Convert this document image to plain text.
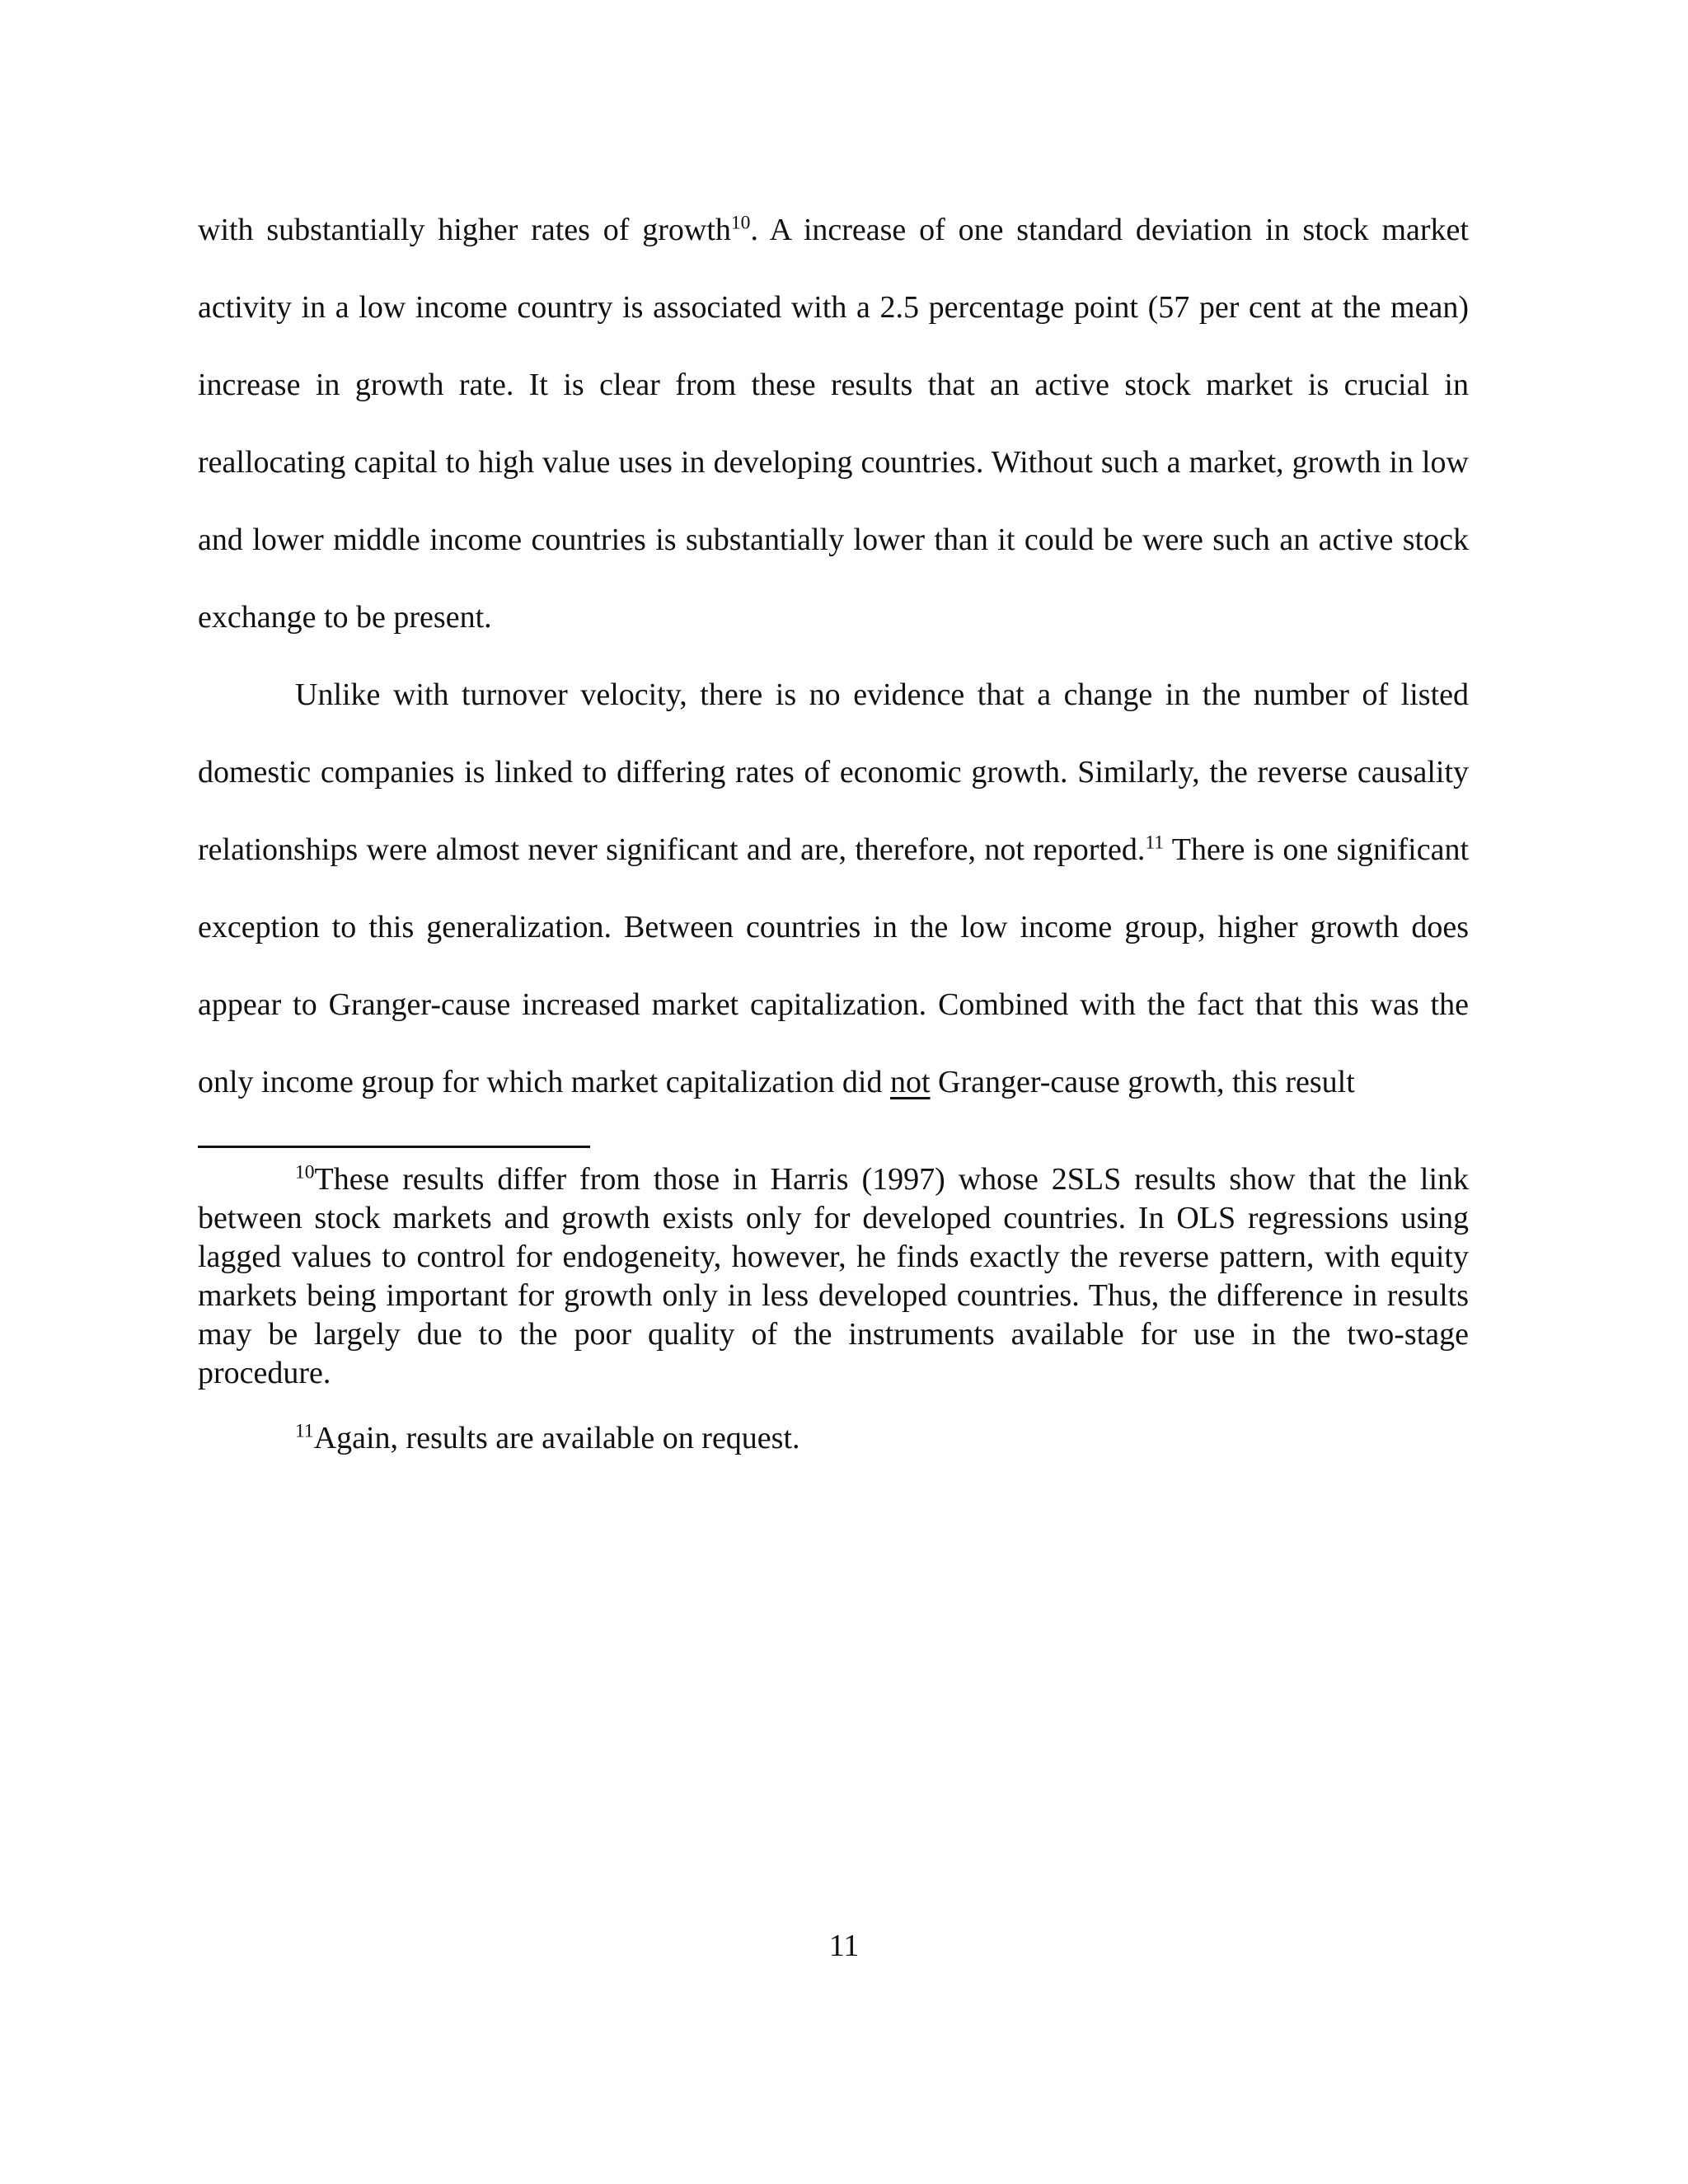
with substantially higher rates of growth$^{10}$. A increase of one standard deviation in stock market activity in a low income country is associated with a 2.5 percentage point (57 per cent at the mean) increase in growth rate. It is clear from these results that an active stock market is crucial in reallocating capital to high value uses in developing countries. Without such a market, growth in low and lower middle income countries is substantially lower than it could be were such an active stock exchange to be present.

Unlike with turnover velocity, there is no evidence that a change in the number of listed domestic companies is linked to differing rates of economic growth. Similarly, the reverse causality relationships were almost never significant and are, therefore, not reported.$^{11}$ There is one significant exception to this generalization. Between countries in the low income group, higher growth does appear to Granger-cause increased market capitalization. Combined with the fact that this was the only income group for which market capitalization did not Granger-cause growth, this result

$^{10}$These results differ from those in Harris (1997) whose 2SLS results show that the link between stock markets and growth exists only for developed countries. In OLS regressions using lagged values to control for endogeneity, however, he finds exactly the reverse pattern, with equity markets being important for growth only in less developed countries. Thus, the difference in results may be largely due to the poor quality of the instruments available for use in the two-stage procedure.

$^{11}$Again, results are available on request.

11
